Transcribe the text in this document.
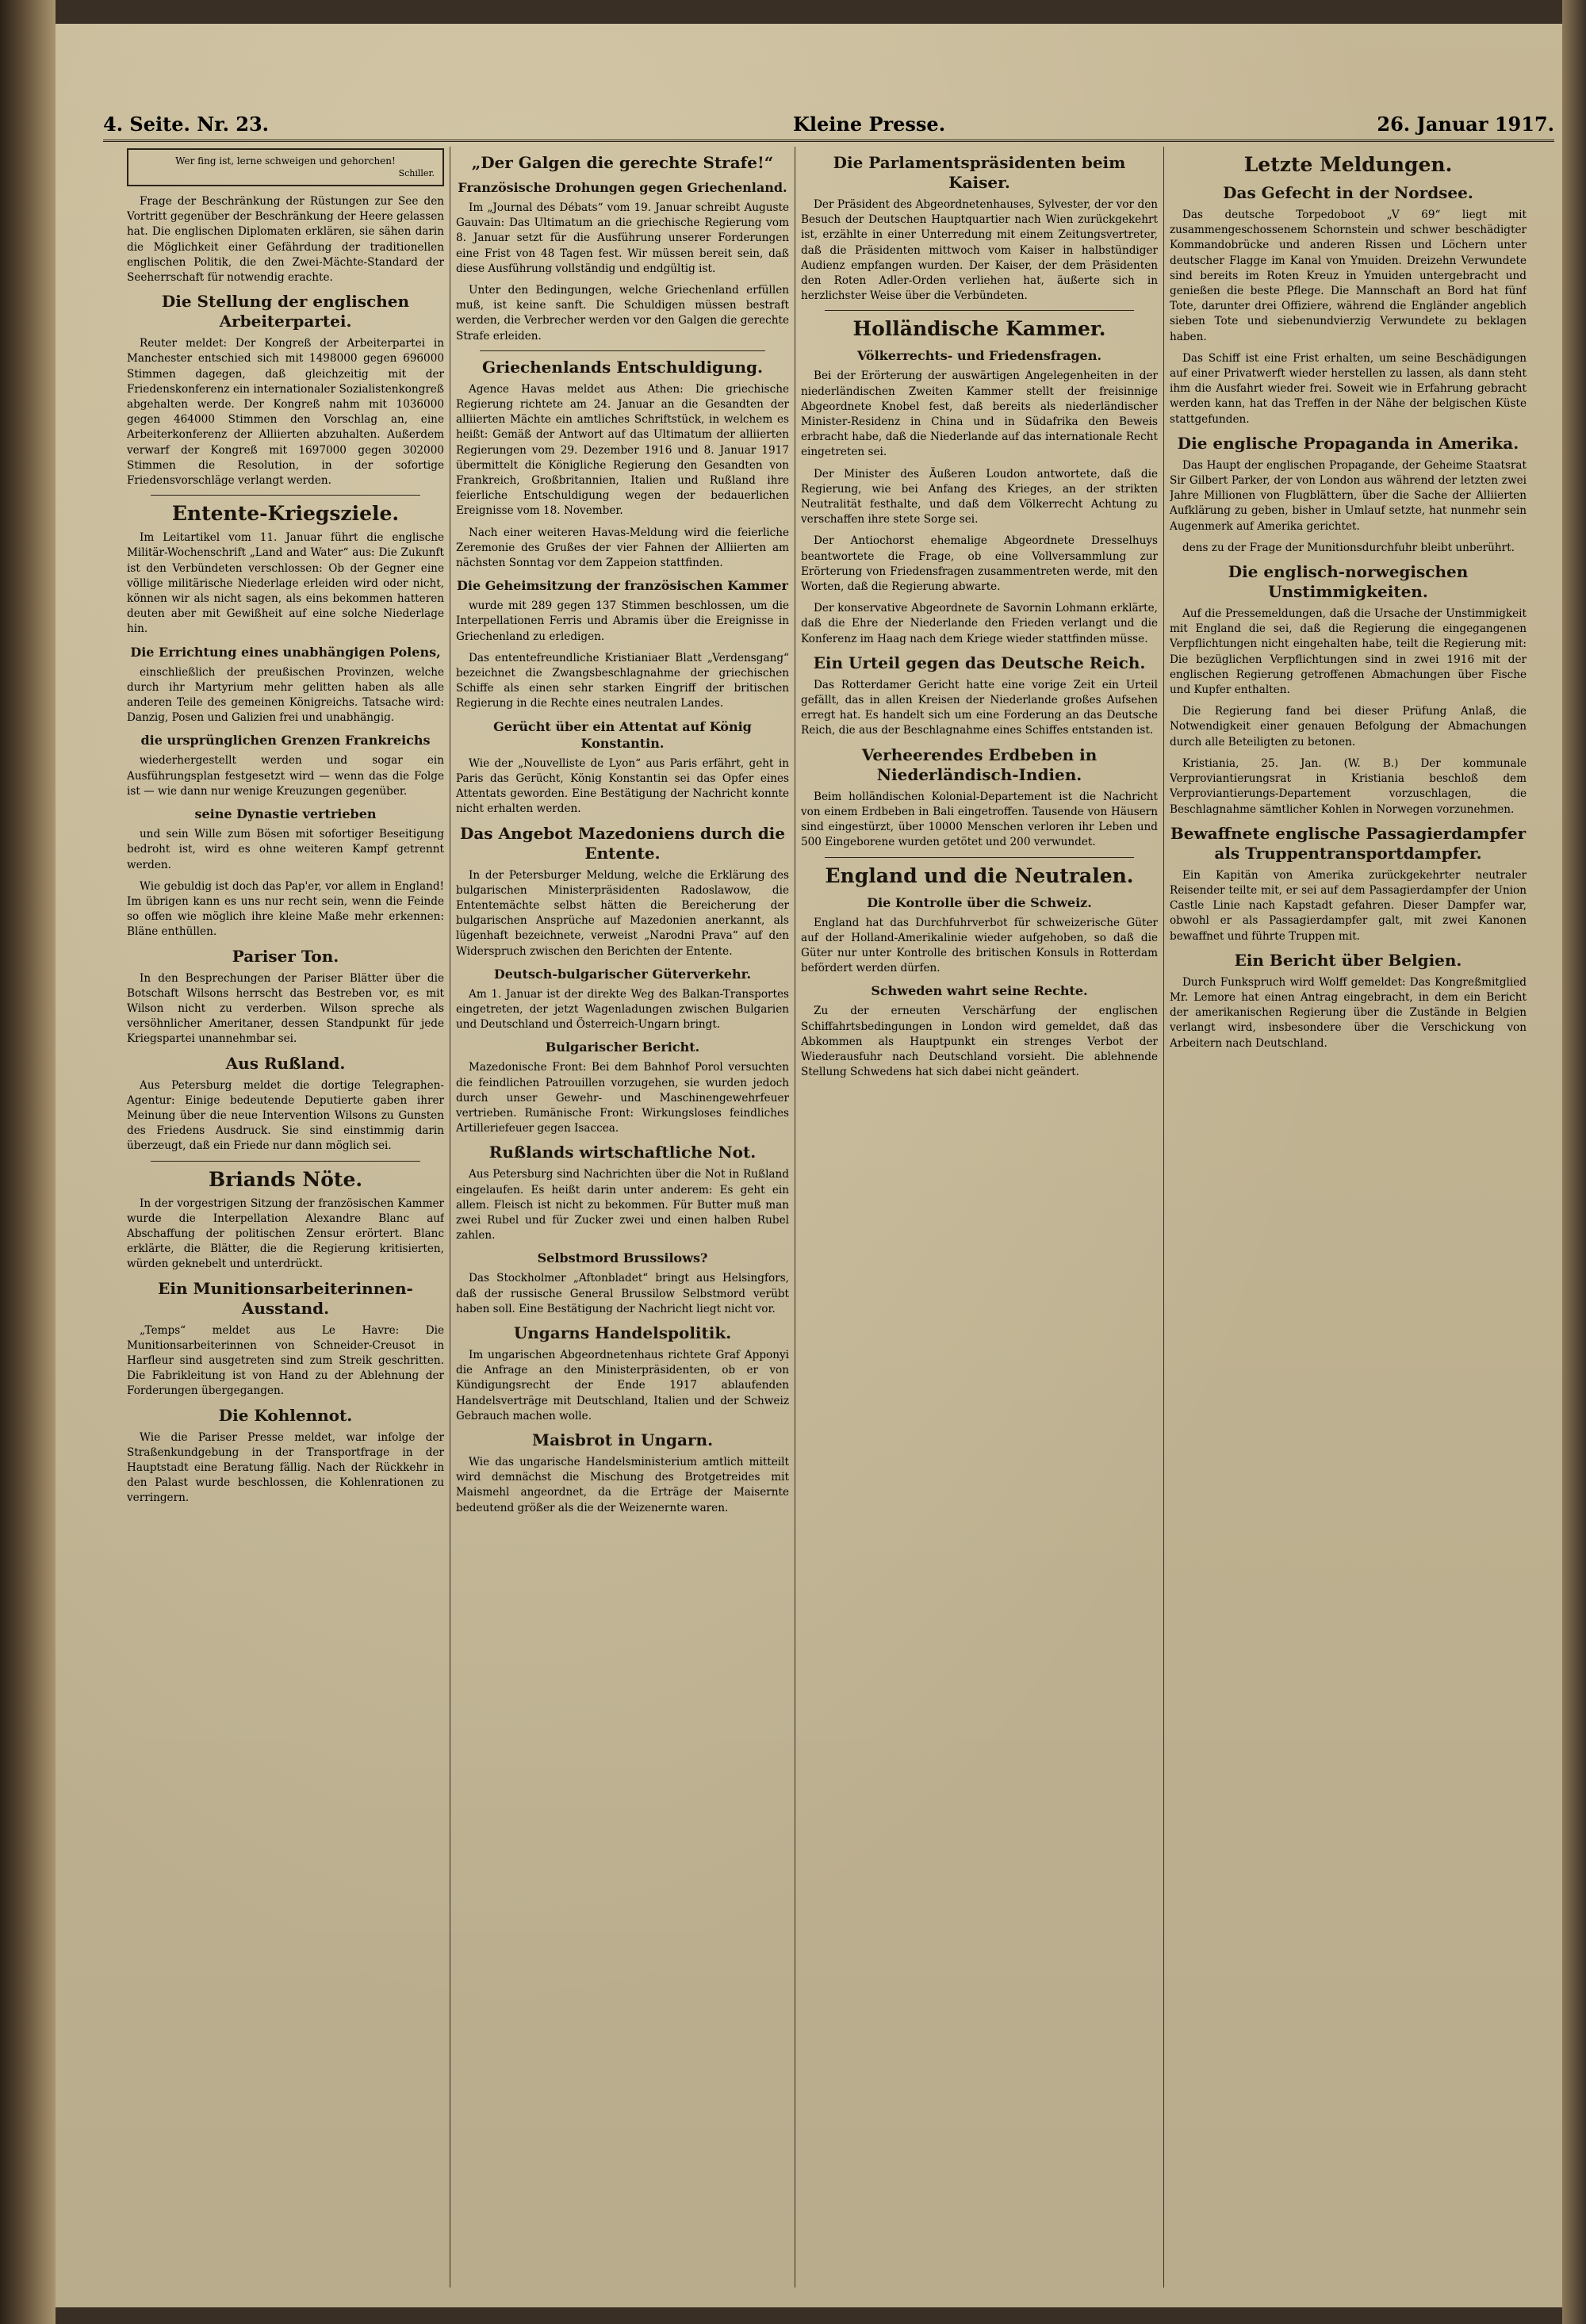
4. Seite. Nr. 23.	Kleine Presse.	26. Januar 1917.

Wer fing ist, lerne schweigen und gehorchen!

Schiller.

Frage der Beschränkung der Rüstungen zur See den Vortritt gegenüber der Beschränkung der Heere gelassen hat. Die englischen Diplomaten erklären, sie sähen darin die Möglichkeit einer Gefährdung der traditionellen englischen Politik, die den Zwei-Mächte-Standard der Seeherrschaft für notwendig erachte.

Die Stellung der englischen Arbeiterpartei.

Reuter meldet: Der Kongreß der Arbeiterpartei in Manchester entschied sich mit 1498000 gegen 696000 Stimmen dagegen, daß gleichzeitig mit der Friedenskonferenz ein internationaler Sozialistenkongreß abgehalten werde. Der Kongreß nahm mit 1036000 gegen 464000 Stimmen den Vorschlag an, eine Arbeiterkonferenz der Alliierten abzuhalten. Außerdem verwarf der Kongreß mit 1697000 gegen 302000 Stimmen die Resolution, in der sofortige Friedensvorschläge verlangt werden.

Entente-Kriegsziele.

Im Leitartikel vom 11. Januar führt die englische Militär-Wochenschrift „Land and Water“ aus: Die Zukunft ist den Verbündeten verschlossen: Ob der Gegner eine völlige militärische Niederlage erleiden wird oder nicht, können wir als nicht sagen, als eins bekommen hatteren deuten aber mit Gewißheit auf eine solche Niederlage hin.

Die Errichtung eines unabhängigen Polens,

einschließlich der preußischen Provinzen, welche durch ihr Martyrium mehr gelitten haben als alle anderen Teile des gemeinen Königreichs. Tatsache wird: Danzig, Posen und Galizien frei und unabhängig.

die ursprünglichen Grenzen Frankreichs

wiederhergestellt werden und sogar ein Ausführungsplan festgesetzt wird — wenn das die Folge ist — wie dann nur wenige Kreuzungen gegenüber.

seine Dynastie vertrieben

und sein Wille zum Bösen mit sofortiger Beseitigung bedroht ist, wird es ohne weiteren Kampf getrennt werden.

Wie gebuldig ist doch das Pap'er, vor allem in England! Im übrigen kann es uns nur recht sein, wenn die Feinde so offen wie möglich ihre kleine Maße mehr erkennen: Bläne enthüllen.

Pariser Ton.

In den Besprechungen der Pariser Blätter über die Botschaft Wilsons herrscht das Bestreben vor, es mit Wilson nicht zu verderben. Wilson spreche als versöhnlicher Ameritaner, dessen Standpunkt für jede Kriegspartei unannehmbar sei.

Aus Rußland.

Aus Petersburg meldet die dortige Telegraphen-Agentur: Einige bedeutende Deputierte gaben ihrer Meinung über die neue Intervention Wilsons zu Gunsten des Friedens Ausdruck. Sie sind einstimmig darin überzeugt, daß ein Friede nur dann möglich sei.

Briands Nöte.

In der vorgestrigen Sitzung der französischen Kammer wurde die Interpellation Alexandre Blanc auf Abschaffung der politischen Zensur erörtert. Blanc erklärte, die Blätter, die die Regierung kritisierten, würden geknebelt und unterdrückt.

Ein Munitionsarbeiterinnen-Ausstand.

„Temps“ meldet aus Le Havre: Die Munitionsarbeiterinnen von Schneider-Creusot in Harfleur sind ausgetreten sind zum Streik geschritten. Die Fabrikleitung ist von Hand zu der Ablehnung der Forderungen übergegangen.

Die Kohlennot.

Wie die Pariser Presse meldet, war infolge der Straßenkundgebung in der Transportfrage in der Hauptstadt eine Beratung fällig. Nach der Rückkehr in den Palast wurde beschlossen, die Kohlenrationen zu verringern.

„Der Galgen die gerechte Strafe!“
Französische Drohungen gegen Griechenland.

Im „Journal des Débats“ vom 19. Januar schreibt Auguste Gauvain: Das Ultimatum an die griechische Regierung vom 8. Januar setzt für die Ausführung unserer Forderungen eine Frist von 48 Tagen fest. Wir müssen bereit sein, daß diese Ausführung vollständig und endgültig ist.

Unter den Bedingungen, welche Griechenland erfüllen muß, ist keine sanft. Die Schuldigen müssen bestraft werden, die Verbrecher werden vor den Galgen die gerechte Strafe erleiden.

Griechenlands Entschuldigung.

Agence Havas meldet aus Athen: Die griechische Regierung richtete am 24. Januar an die Gesandten der alliierten Mächte ein amtliches Schriftstück, in welchem es heißt: Gemäß der Antwort auf das Ultimatum der alliierten Regierungen vom 29. Dezember 1916 und 8. Januar 1917 übermittelt die Königliche Regierung den Gesandten von Frankreich, Großbritannien, Italien und Rußland ihre feierliche Entschuldigung wegen der bedauerlichen Ereignisse vom 18. November.

Nach einer weiteren Havas-Meldung wird die feierliche Zeremonie des Grußes der vier Fahnen der Alliierten am nächsten Sonntag vor dem Zappeion stattfinden.

Die Geheimsitzung der französischen Kammer

wurde mit 289 gegen 137 Stimmen beschlossen, um die Interpellationen Ferris und Abramis über die Ereignisse in Griechenland zu erledigen.

Das ententefreundliche Kristianiaer Blatt „Verdensgang“ bezeichnet die Zwangsbeschlagnahme der griechischen Schiffe als einen sehr starken Eingriff der britischen Regierung in die Rechte eines neutralen Landes.

Gerücht über ein Attentat auf König Konstantin.

Wie der „Nouvelliste de Lyon“ aus Paris erfährt, geht in Paris das Gerücht, König Konstantin sei das Opfer eines Attentats geworden. Eine Bestätigung der Nachricht konnte nicht erhalten werden.

Das Angebot Mazedoniens durch die Entente.

In der Petersburger Meldung, welche die Erklärung des bulgarischen Ministerpräsidenten Radoslawow, die Ententemächte selbst hätten die Bereicherung der bulgarischen Ansprüche auf Mazedonien anerkannt, als lügenhaft bezeichnete, verweist „Narodni Prava“ auf den Widerspruch zwischen den Berichten der Entente.

Deutsch-bulgarischer Güterverkehr.

Am 1. Januar ist der direkte Weg des Balkan-Transportes eingetreten, der jetzt Wagenladungen zwischen Bulgarien und Deutschland und Österreich-Ungarn bringt.

Bulgarischer Bericht.

Mazedonische Front: Bei dem Bahnhof Porol versuchten die feindlichen Patrouillen vorzugehen, sie wurden jedoch durch unser Gewehr- und Maschinengewehrfeuer vertrieben. Rumänische Front: Wirkungsloses feindliches Artilleriefeuer gegen Isaccea.

Rußlands wirtschaftliche Not.

Aus Petersburg sind Nachrichten über die Not in Rußland eingelaufen. Es heißt darin unter anderem: Es geht ein allem. Fleisch ist nicht zu bekommen. Für Butter muß man zwei Rubel und für Zucker zwei und einen halben Rubel zahlen.

Selbstmord Brussilows?

Das Stockholmer „Aftonbladet“ bringt aus Helsingfors, daß der russische General Brussilow Selbstmord verübt haben soll. Eine Bestätigung der Nachricht liegt nicht vor.

Ungarns Handelspolitik.

Im ungarischen Abgeordnetenhaus richtete Graf Apponyi die Anfrage an den Ministerpräsidenten, ob er von Kündigungsrecht der Ende 1917 ablaufenden Handelsverträge mit Deutschland, Italien und der Schweiz Gebrauch machen wolle.

Maisbrot in Ungarn.

Wie das ungarische Handelsministerium amtlich mitteilt wird demnächst die Mischung des Brotgetreides mit Maismehl angeordnet, da die Erträge der Maisernte bedeutend größer als die der Weizenernte waren.

Die Parlamentspräsidenten beim Kaiser.

Der Präsident des Abgeordnetenhauses, Sylvester, der vor den Besuch der Deutschen Hauptquartier nach Wien zurückgekehrt ist, erzählte in einer Unterredung mit einem Zeitungsvertreter, daß die Präsidenten mittwoch vom Kaiser in halbstündiger Audienz empfangen wurden. Der Kaiser, der dem Präsidenten den Roten Adler-Orden verliehen hat, äußerte sich in herzlichster Weise über die Verbündeten.

Holländische Kammer.
Völkerrechts- und Friedensfragen.

Bei der Erörterung der auswärtigen Angelegenheiten in der niederländischen Zweiten Kammer stellt der freisinnige Abgeordnete Knobel fest, daß bereits als niederländischer Minister-Residenz in China und in Südafrika den Beweis erbracht habe, daß die Niederlande auf das internationale Recht eingetreten sei.

Der Minister des Äußeren Loudon antwortete, daß die Regierung, wie bei Anfang des Krieges, an der strikten Neutralität festhalte, und daß dem Völkerrecht Achtung zu verschaffen ihre stete Sorge sei.

Der Antiochorst ehemalige Abgeordnete Dresselhuys beantwortete die Frage, ob eine Vollversammlung zur Erörterung von Friedensfragen zusammentreten werde, mit den Worten, daß die Regierung abwarte.

Der konservative Abgeordnete de Savornin Lohmann erklärte, daß die Ehre der Niederlande den Frieden verlangt und die Konferenz im Haag nach dem Kriege wieder stattfinden müsse.

Ein Urteil gegen das Deutsche Reich.

Das Rotterdamer Gericht hatte eine vorige Zeit ein Urteil gefällt, das in allen Kreisen der Niederlande großes Aufsehen erregt hat. Es handelt sich um eine Forderung an das Deutsche Reich, die aus der Beschlagnahme eines Schiffes entstanden ist.

Verheerendes Erdbeben in Niederländisch-Indien.

Beim holländischen Kolonial-Departement ist die Nachricht von einem Erdbeben in Bali eingetroffen. Tausende von Häusern sind eingestürzt, über 10000 Menschen verloren ihr Leben und 500 Eingeborene wurden getötet und 200 verwundet.

England und die Neutralen.
Die Kontrolle über die Schweiz.

England hat das Durchfuhrverbot für schweizerische Güter auf der Holland-Amerikalinie wieder aufgehoben, so daß die Güter nur unter Kontrolle des britischen Konsuls in Rotterdam befördert werden dürfen.

Schweden wahrt seine Rechte.

Zu der erneuten Verschärfung der englischen Schiffahrtsbedingungen in London wird gemeldet, daß das Abkommen als Hauptpunkt ein strenges Verbot der Wiederausfuhr nach Deutschland vorsieht. Die ablehnende Stellung Schwedens hat sich dabei nicht geändert.

Letzte Meldungen.
Das Gefecht in der Nordsee.

Das deutsche Torpedoboot „V 69“ liegt mit zusammengeschossenem Schornstein und schwer beschädigter Kommandobrücke und anderen Rissen und Löchern unter deutscher Flagge im Kanal von Ymuiden. Dreizehn Verwundete sind bereits im Roten Kreuz in Ymuiden untergebracht und genießen die beste Pflege. Die Mannschaft an Bord hat fünf Tote, darunter drei Offiziere, während die Engländer angeblich sieben Tote und siebenundvierzig Verwundete zu beklagen haben.

Das Schiff ist eine Frist erhalten, um seine Beschädigungen auf einer Privatwerft wieder herstellen zu lassen, als dann steht ihm die Ausfahrt wieder frei. Soweit wie in Erfahrung gebracht werden kann, hat das Treffen in der Nähe der belgischen Küste stattgefunden.

Die englische Propaganda in Amerika.

Das Haupt der englischen Propagande, der Geheime Staatsrat Sir Gilbert Parker, der von London aus während der letzten zwei Jahre Millionen von Flugblättern, über die Sache der Alliierten Aufklärung zu geben, bisher in Umlauf setzte, hat nunmehr sein Augenmerk auf Amerika gerichtet.

dens zu der Frage der Munitionsdurchfuhr bleibt unberührt.

Die englisch-norwegischen Unstimmigkeiten.

Auf die Pressemeldungen, daß die Ursache der Unstimmigkeit mit England die sei, daß die Regierung die eingegangenen Verpflichtungen nicht eingehalten habe, teilt die Regierung mit: Die bezüglichen Verpflichtungen sind in zwei 1916 mit der englischen Regierung getroffenen Abmachungen über Fische und Kupfer enthalten.

Die Regierung fand bei dieser Prüfung Anlaß, die Notwendigkeit einer genauen Befolgung der Abmachungen durch alle Beteiligten zu betonen.

Kristiania, 25. Jan. (W. B.) Der kommunale Verproviantierungsrat in Kristiania beschloß dem Verproviantierungs-Departement vorzuschlagen, die Beschlagnahme sämtlicher Kohlen in Norwegen vorzunehmen.

Bewaffnete englische Passagierdampfer als Truppentransportdampfer.

Ein Kapitän von Amerika zurückgekehrter neutraler Reisender teilte mit, er sei auf dem Passagierdampfer der Union Castle Linie nach Kapstadt gefahren. Dieser Dampfer war, obwohl er als Passagierdampfer galt, mit zwei Kanonen bewaffnet und führte Truppen mit.

Ein Bericht über Belgien.

Durch Funkspruch wird Wolff gemeldet: Das Kongreßmitglied Mr. Lemore hat einen Antrag eingebracht, in dem ein Bericht der amerikanischen Regierung über die Zustände in Belgien verlangt wird, insbesondere über die Verschickung von Arbeitern nach Deutschland.
